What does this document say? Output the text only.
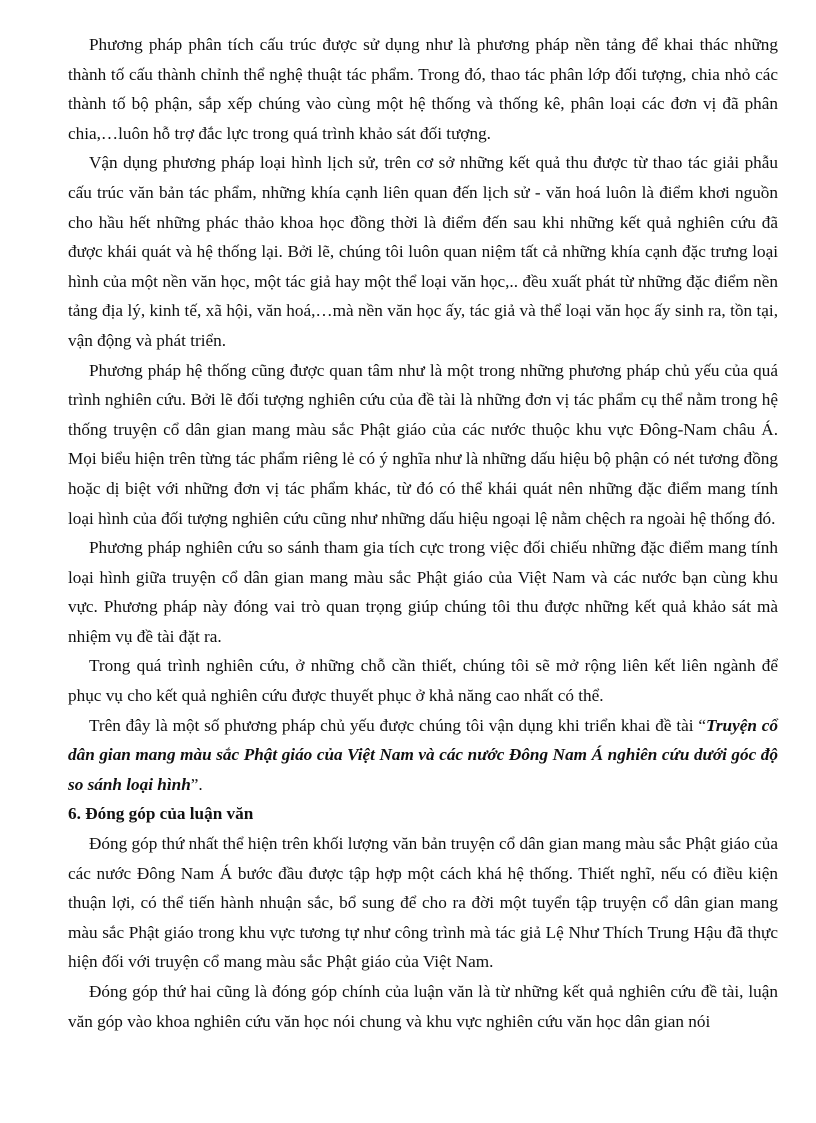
Phương pháp phân tích cấu trúc được sử dụng như là phương pháp nền tảng để khai thác những thành tố cấu thành chỉnh thể nghệ thuật tác phẩm. Trong đó, thao tác phân lớp đối tượng, chia nhỏ các thành tố bộ phận, sắp xếp chúng vào cùng một hệ thống và thống kê, phân loại các đơn vị đã phân chia,…luôn hỗ trợ đắc lực trong quá trình khảo sát đối tượng.

Vận dụng phương pháp loại hình lịch sử, trên cơ sở những kết quả thu được từ thao tác giải phẫu cấu trúc văn bản tác phẩm, những khía cạnh liên quan đến lịch sử - văn hoá luôn là điểm khơi nguồn cho hầu hết những phác thảo khoa học đồng thời là điểm đến sau khi những kết quả nghiên cứu đã được khái quát và hệ thống lại. Bởi lẽ, chúng tôi luôn quan niệm tất cả những khía cạnh đặc trưng loại hình của một nền văn học, một tác giả hay một thể loại văn học,.. đều xuất phát từ những đặc điểm nền tảng địa lý, kinh tế, xã hội, văn hoá,…mà nền văn học ấy, tác giả và thể loại văn học ấy sinh ra, tồn tại, vận động và phát triển.

Phương pháp hệ thống cũng được quan tâm như là một trong những phương pháp chủ yếu của quá trình nghiên cứu. Bởi lẽ đối tượng nghiên cứu của đề tài là những đơn vị tác phẩm cụ thể nằm trong hệ thống truyện cổ dân gian mang màu sắc Phật giáo của các nước thuộc khu vực Đông-Nam châu Á. Mọi biểu hiện trên từng tác phẩm riêng lẻ có ý nghĩa như là những dấu hiệu bộ phận có nét tương đồng hoặc dị biệt với những đơn vị tác phẩm khác, từ đó có thể khái quát nên những đặc điểm mang tính loại hình của đối tượng nghiên cứu cũng như những dấu hiệu ngoại lệ nằm chệch ra ngoài hệ thống đó.

Phương pháp nghiên cứu so sánh tham gia tích cực trong việc đối chiếu những đặc điểm mang tính loại hình giữa truyện cổ dân gian mang màu sắc Phật giáo của Việt Nam và các nước bạn cùng khu vực. Phương pháp này đóng vai trò quan trọng giúp chúng tôi thu được những kết quả khảo sát mà nhiệm vụ đề tài đặt ra.

Trong quá trình nghiên cứu, ở những chỗ cần thiết, chúng tôi sẽ mở rộng liên kết liên ngành để phục vụ cho kết quả nghiên cứu được thuyết phục ở khả năng cao nhất có thể.

Trên đây là một số phương pháp chủ yếu được chúng tôi vận dụng khi triển khai đề tài “Truyện cổ dân gian mang màu sắc Phật giáo của Việt Nam và các nước Đông Nam Á nghiên cứu dưới góc độ so sánh loại hình”.

6. Đóng góp của luận văn

Đóng góp thứ nhất thể hiện trên khối lượng văn bản truyện cổ dân gian mang màu sắc Phật giáo của các nước Đông Nam Á bước đầu được tập hợp một cách khá hệ thống. Thiết nghĩ, nếu có điều kiện thuận lợi, có thể tiến hành nhuận sắc, bổ sung để cho ra đời một tuyển tập truyện cổ dân gian mang màu sắc Phật giáo trong khu vực tương tự như công trình mà tác giả Lệ Như Thích Trung Hậu đã thực hiện đối với truyện cổ mang màu sắc Phật giáo của Việt Nam.

Đóng góp thứ hai cũng là đóng góp chính của luận văn là từ những kết quả nghiên cứu đề tài, luận văn góp vào khoa nghiên cứu văn học nói chung và khu vực nghiên cứu văn học dân gian nói
